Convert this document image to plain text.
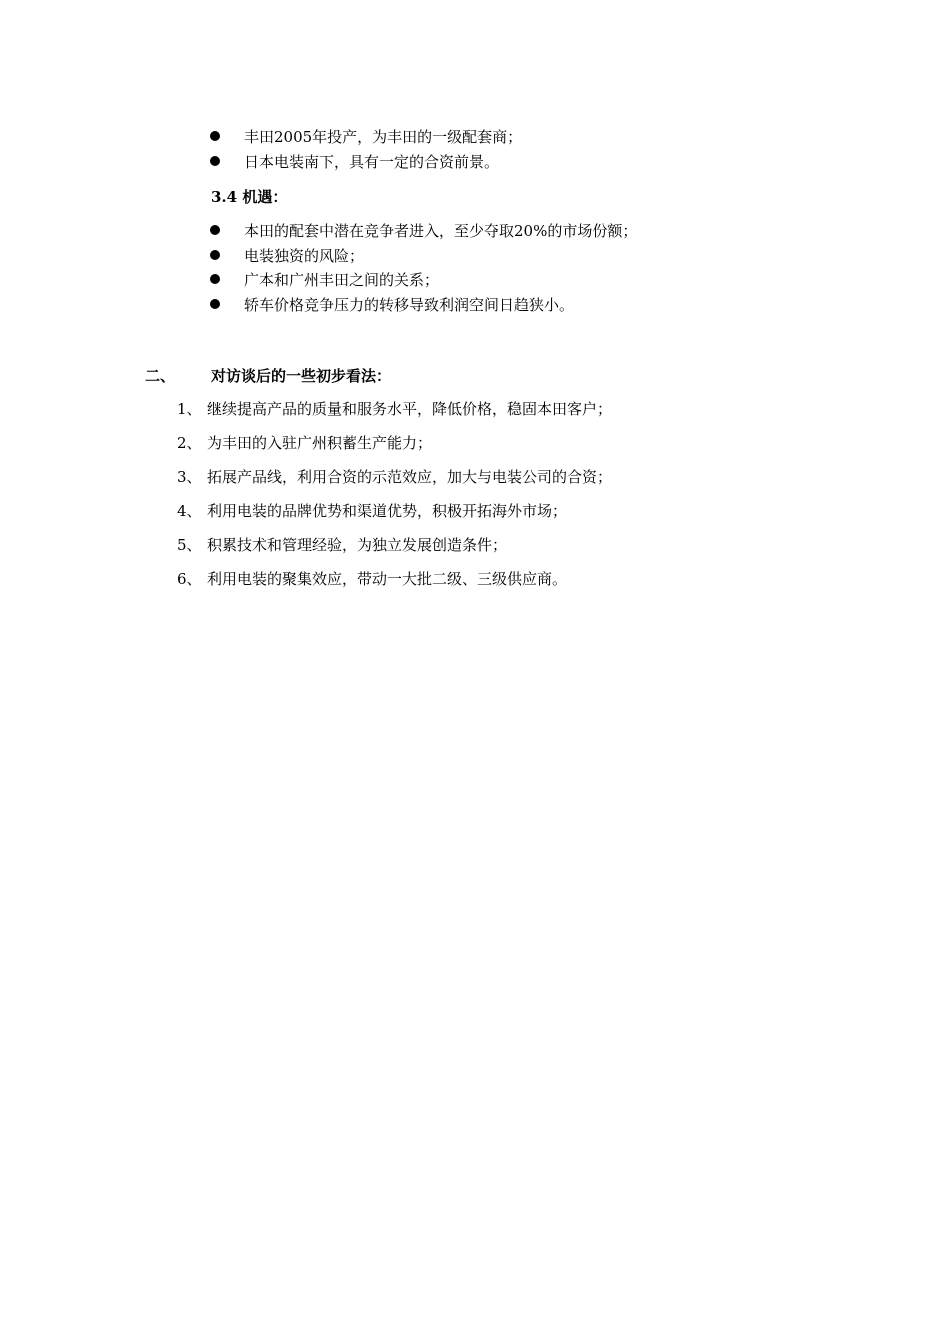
丰田2005年投产，为丰田的一级配套商；
日本电装南下，具有一定的合资前景。
3.4 机遇：
本田的配套中潜在竞争者进入，至少夺取20%的市场份额；
电装独资的风险；
广本和广州丰田之间的关系；
轿车价格竞争压力的转移导致利润空间日趋狭小。
二、 对访谈后的一些初步看法：
1、 继续提高产品的质量和服务水平，降低价格，稳固本田客户；
2、 为丰田的入驻广州积蓄生产能力；
3、 拓展产品线，利用合资的示范效应，加大与电装公司的合资；
4、 利用电装的品牌优势和渠道优势，积极开拓海外市场；
5、 积累技术和管理经验，为独立发展创造条件；
6、 利用电装的聚集效应，带动一大批二级、三级供应商。
